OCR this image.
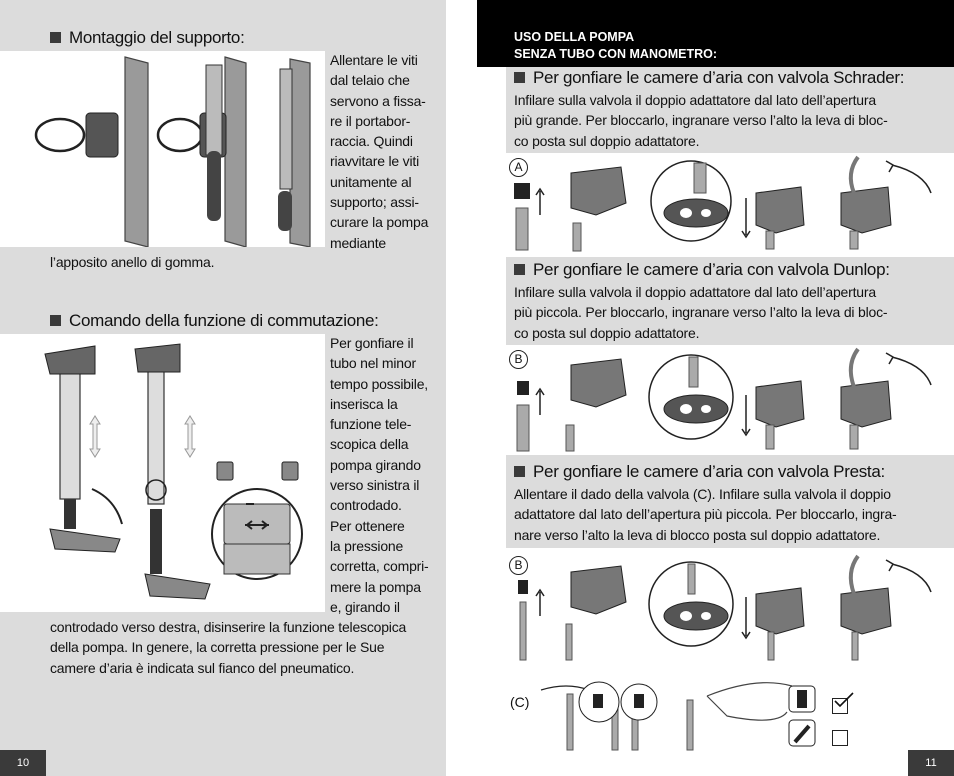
Montaggio del supporto:
Allentare le viti
dal telaio che
servono a fissa-
re il portabor-
raccia. Quindi
riavvitare le viti
unitamente al
supporto; assi-
curare la pompa
mediante
l’apposito anello di gomma.
Comando della funzione di commutazione:
Per gonfiare il
tubo nel minor
tempo possibile,
inserisca la
funzione tele-
scopica della
pompa girando
verso sinistra il
controdado.
Per ottenere
la pressione
corretta, compri-
mere la pompa
e, girando il
controdado verso destra, disinserire la funzione telescopica
della pompa. In genere, la corretta pressione per le Sue
camere d’aria è indicata sul fianco del pneumatico.
10
USO DELLA POMPA
SENZA TUBO CON MANOMETRO:
Per gonfiare le camere d’aria con valvola Schrader:
Infilare sulla valvola il doppio adattatore dal lato dell’apertura
più grande. Per bloccarlo, ingranare verso l’alto la leva di bloc-
co posta sul doppio adattatore.
A
Per gonfiare le camere d’aria con valvola Dunlop:
Infilare sulla valvola il doppio adattatore dal lato dell’apertura
più piccola. Per bloccarlo, ingranare verso l’alto la leva di bloc-
co posta sul doppio adattatore.
B
Per gonfiare le camere d’aria con valvola Presta:
Allentare il dado della valvola (C). Infilare sulla valvola il doppio
adattatore dal lato dell’apertura più piccola. Per bloccarlo, ingra-
nare verso l’alto la leva di blocco posta sul doppio adattatore.
B
(C)
11
